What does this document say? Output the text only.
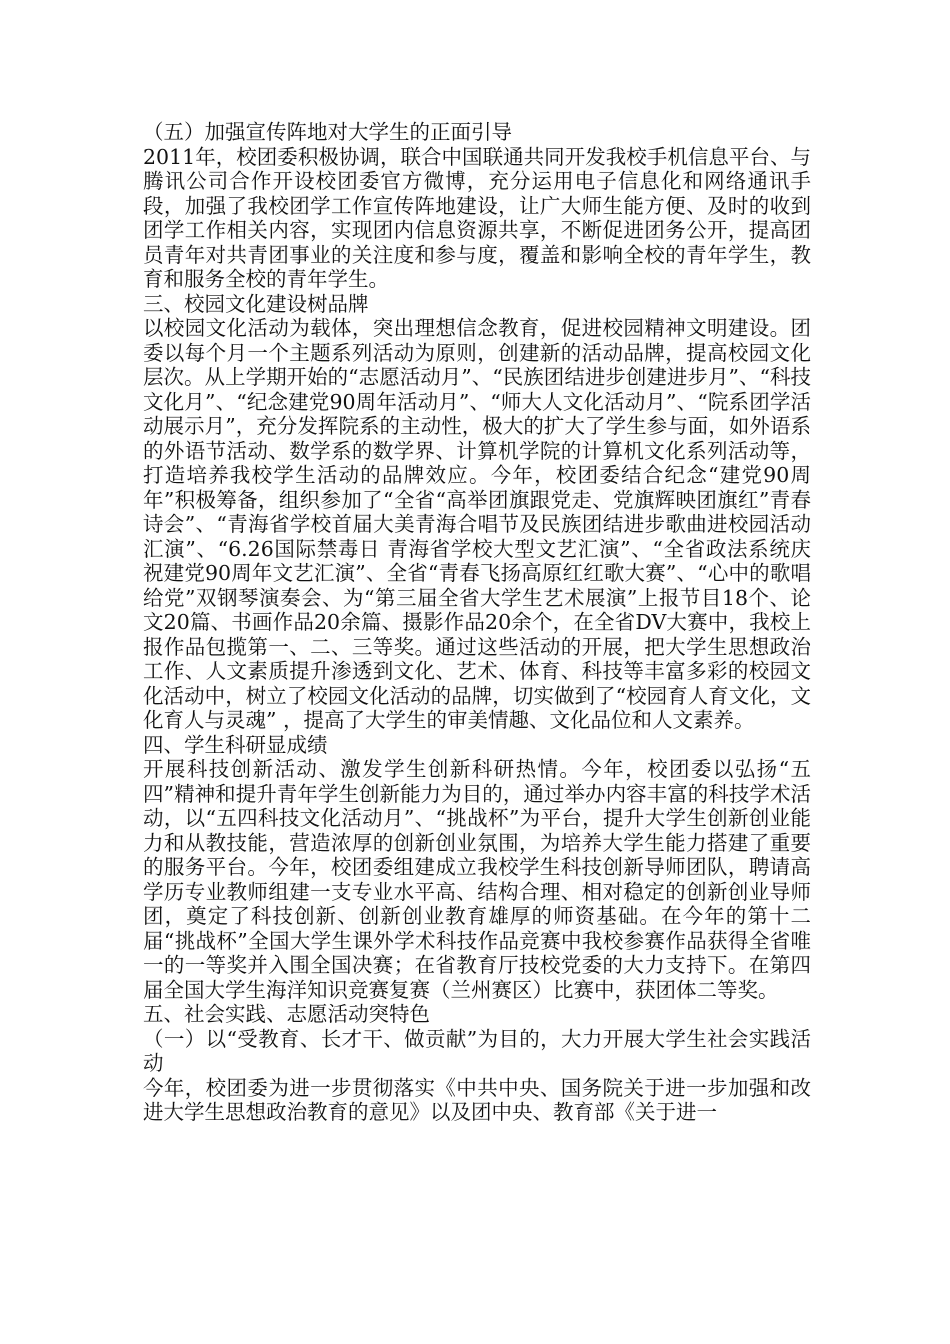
（五）加强宣传阵地对大学生的正面引导

2011年，校团委积极协调，联合中国联通共同开发我校手机信息平台、与腾讯公司合作开设校团委官方微博，充分运用电子信息化和网络通讯手段，加强了我校团学工作宣传阵地建设，让广大师生能方便、及时的收到团学工作相关内容，实现团内信息资源共享，不断促进团务公开，提高团员青年对共青团事业的关注度和参与度，覆盖和影响全校的青年学生，教育和服务全校的青年学生。

三、校园文化建设树品牌

以校园文化活动为载体，突出理想信念教育，促进校园精神文明建设。团委以每个月一个主题系列活动为原则，创建新的活动品牌，提高校园文化层次。从上学期开始的“志愿活动月”、“民族团结进步创建进步月”、“科技文化月”、“纪念建党90周年活动月”、“师大人文化活动月”、“院系团学活动展示月”，充分发挥院系的主动性，极大的扩大了学生参与面，如外语系的外语节活动、数学系的数学界、计算机学院的计算机文化系列活动等，打造培养我校学生活动的品牌效应。今年，校团委结合纪念“建党90周年”积极筹备，组织参加了“全省“高举团旗跟党走、党旗辉映团旗红”青春诗会”、“青海省学校首届大美青海合唱节及民族团结进步歌曲进校园活动汇演”、“6.26国际禁毒日 青海省学校大型文艺汇演”、“全省政法系统庆祝建党90周年文艺汇演”、全省“青春飞扬高原红红歌大赛”、“心中的歌唱给党”双钢琴演奏会、为“第三届全省大学生艺术展演”上报节目18个、论文20篇、书画作品20余篇、摄影作品20余个，在全省DV大赛中，我校上报作品包揽第一、二、三等奖。通过这些活动的开展，把大学生思想政治工作、人文素质提升渗透到文化、艺术、体育、科技等丰富多彩的校园文化活动中，树立了校园文化活动的品牌，切实做到了“校园育人育文化，文化育人与灵魂” ，提高了大学生的审美情趣、文化品位和人文素养。

四、学生科研显成绩

开展科技创新活动、激发学生创新科研热情。今年，校团委以弘扬“五四”精神和提升青年学生创新能力为目的，通过举办内容丰富的科技学术活动，以“五四科技文化活动月”、“挑战杯”为平台，提升大学生创新创业能力和从教技能，营造浓厚的创新创业氛围，为培养大学生能力搭建了重要的服务平台。今年，校团委组建成立我校学生科技创新导师团队，聘请高学历专业教师组建一支专业水平高、结构合理、相对稳定的创新创业导师团，奠定了科技创新、创新创业教育雄厚的师资基础。在今年的第十二届“挑战杯”全国大学生课外学术科技作品竞赛中我校参赛作品获得全省唯一的一等奖并入围全国决赛；在省教育厅技校党委的大力支持下。在第四届全国大学生海洋知识竞赛复赛（兰州赛区）比赛中，获团体二等奖。

五、社会实践、志愿活动突特色

（一）以“受教育、长才干、做贡献”为目的，大力开展大学生社会实践活动

今年，校团委为进一步贯彻落实《中共中央、国务院关于进一步加强和改进大学生思想政治教育的意见》以及团中央、教育部《关于进一
